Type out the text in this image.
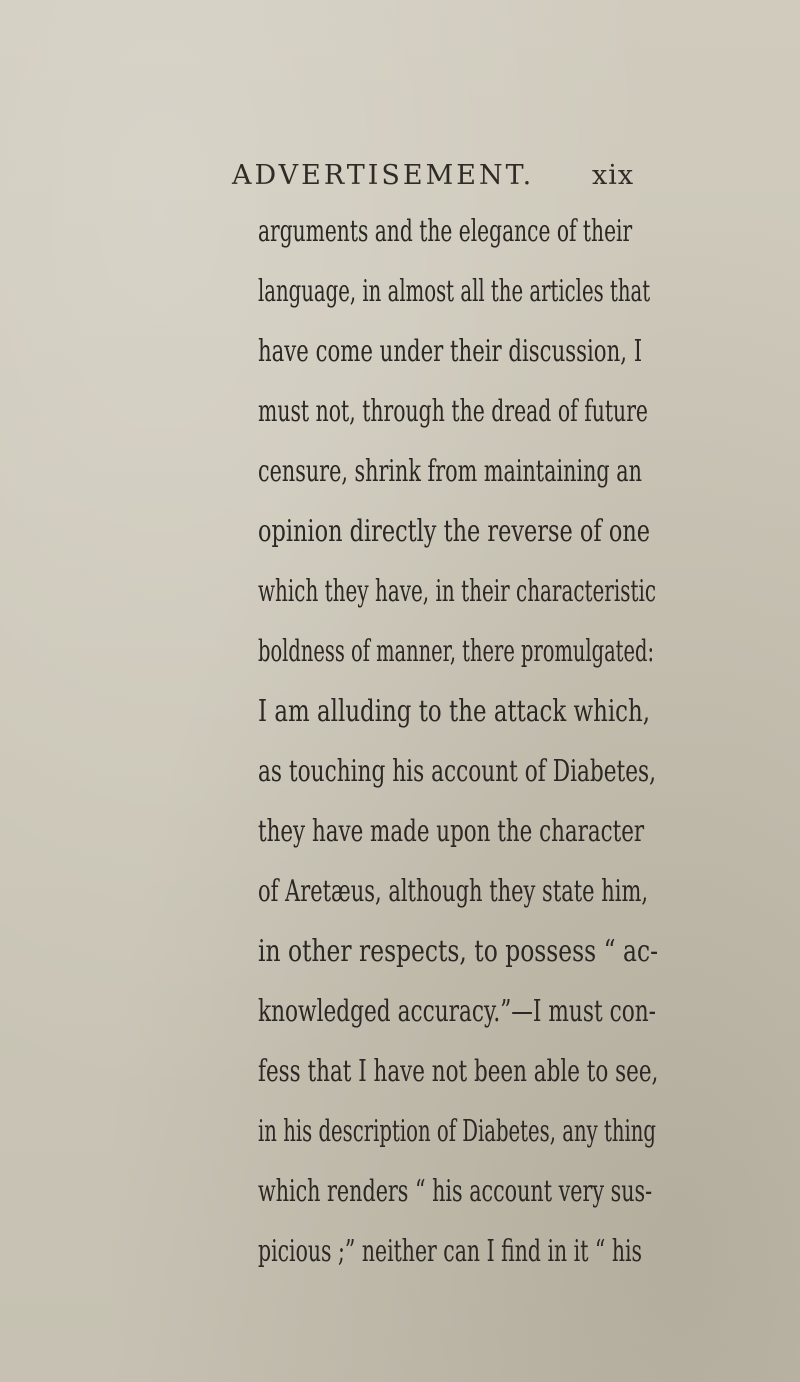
ADVERTISEMENT. xix
arguments and the elegance of their
language, in almost all the articles that
have come under their discussion, I
must not, through the dread of future
censure, shrink from maintaining an
opinion directly the reverse of one
which they have, in their characteristic
boldness of manner, there promulgated:
I am alluding to the attack which,
as touching his account of Diabetes,
they have made upon the character
of Aretæus, although they state him,
in other respects, to possess “ ac-
knowledged accuracy.”—I must con-
fess that I have not been able to see,
in his description of Diabetes, any thing
which renders “ his account very sus-
picious ;” neither can I find in it “ his
